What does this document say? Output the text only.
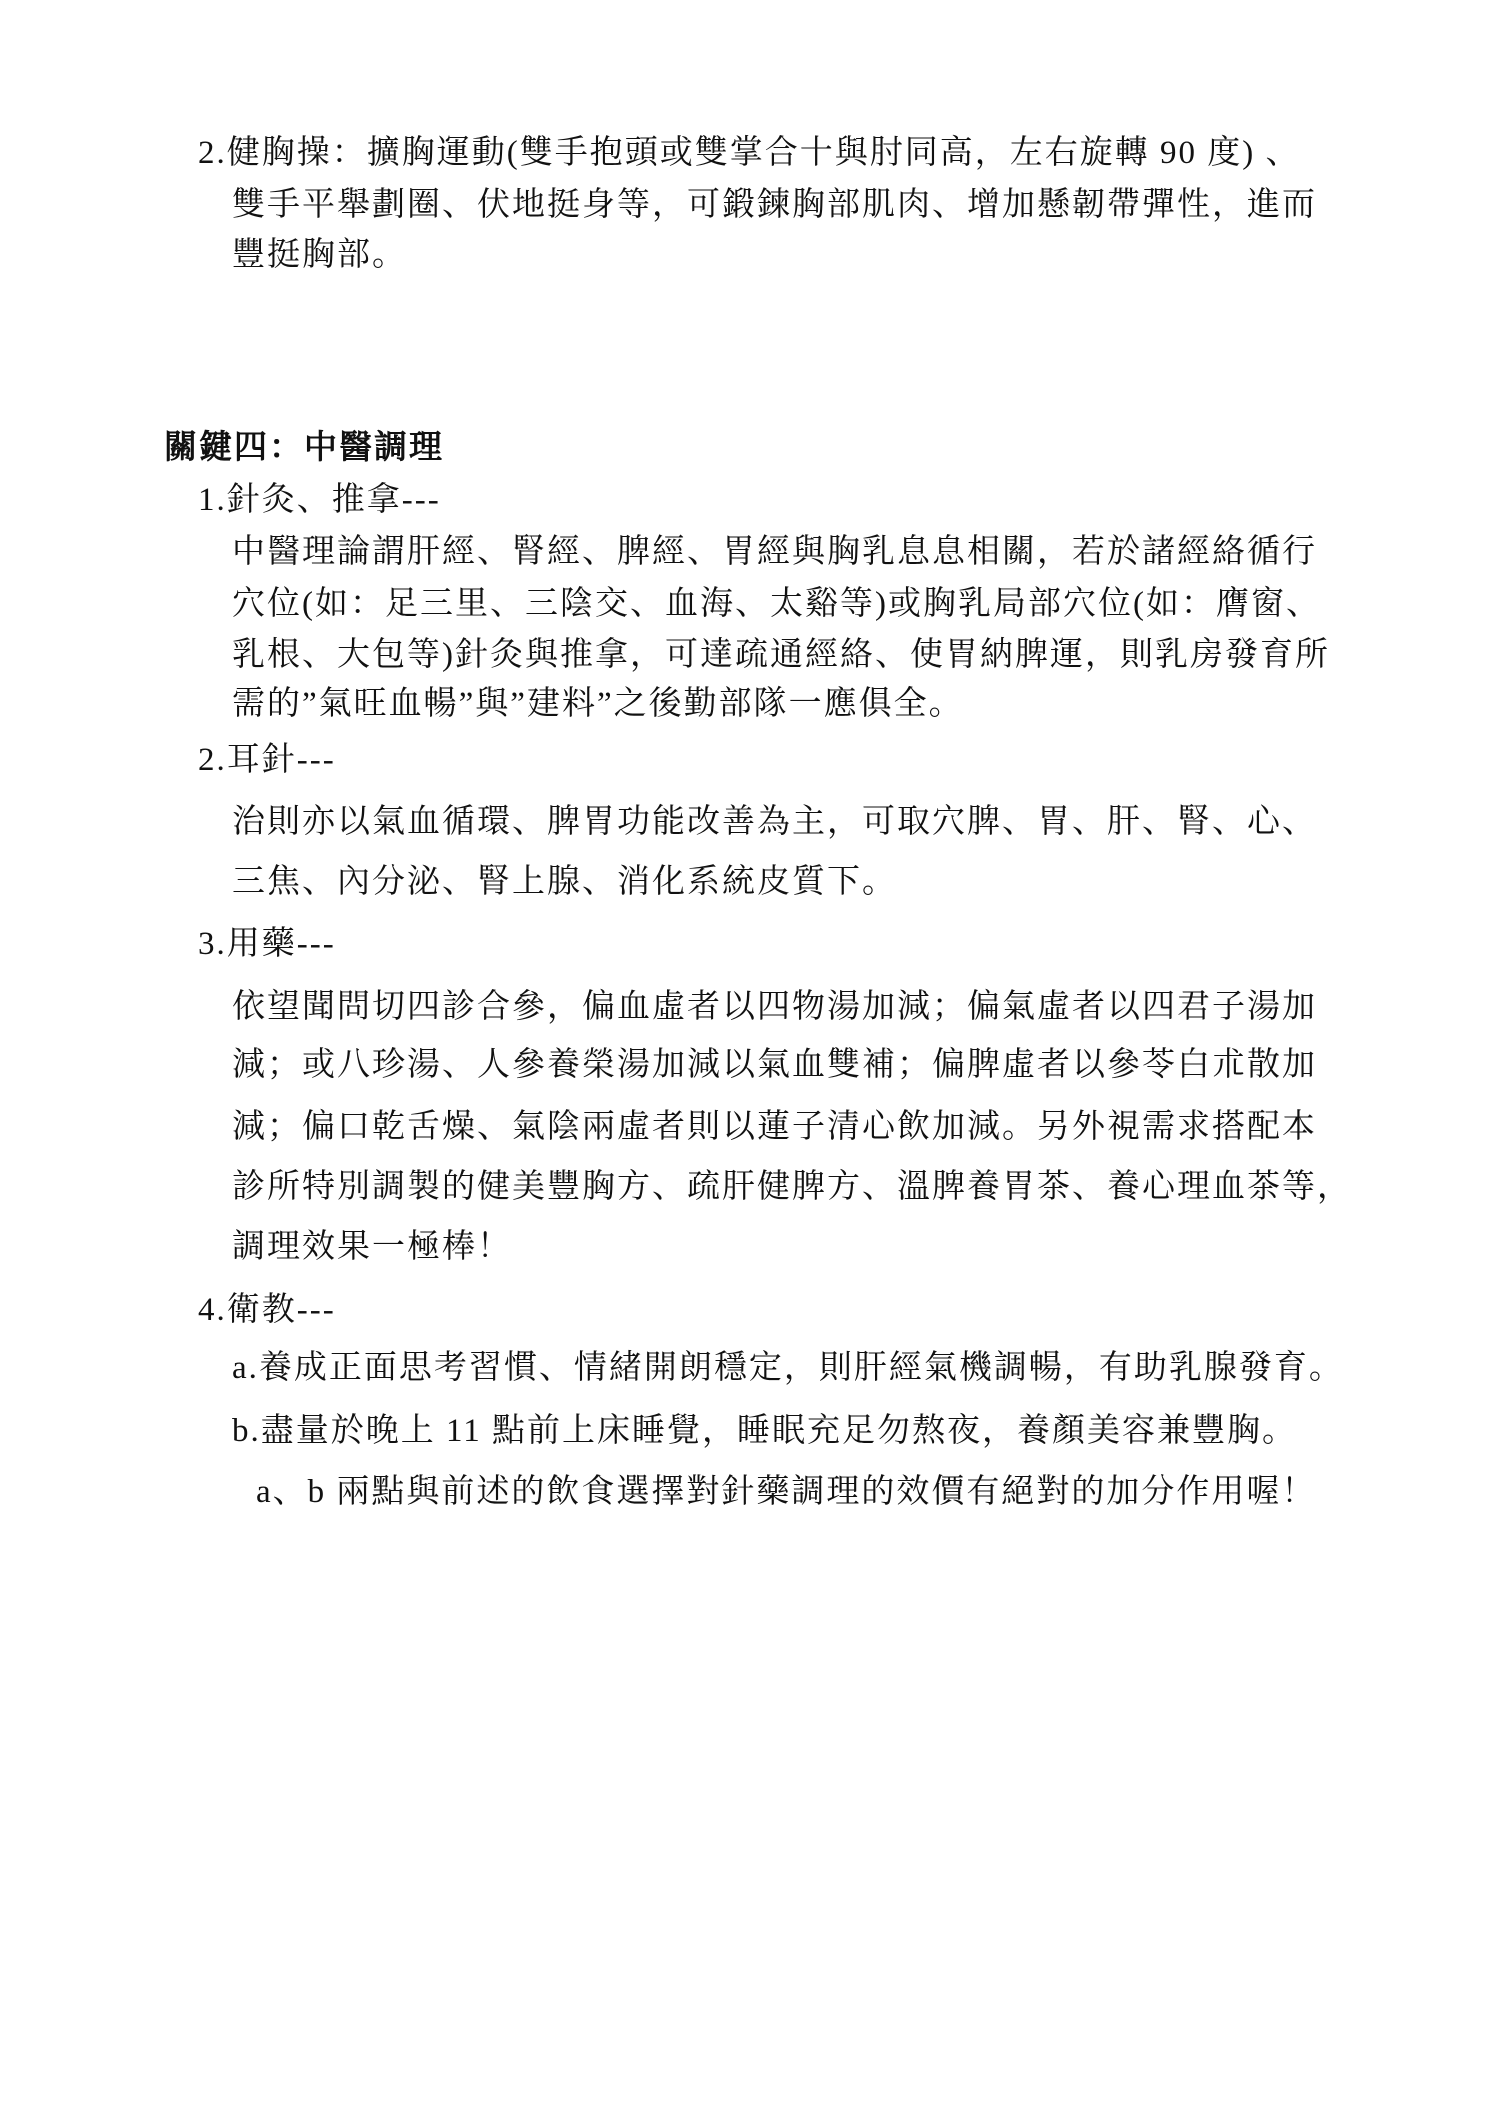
2.健胸操：擴胸運動(雙手抱頭或雙掌合十與肘同高，左右旋轉 90 度) 、
雙手平舉劃圈、伏地挺身等，可鍛鍊胸部肌肉、增加懸韌帶彈性，進而
豐挺胸部。
關鍵四：中醫調理
1.針灸、推拿---
中醫理論謂肝經、腎經、脾經、胃經與胸乳息息相關，若於諸經絡循行
穴位(如：足三里、三陰交、血海、太谿等)或胸乳局部穴位(如：膺窗、
乳根、大包等)針灸與推拿，可達疏通經絡、使胃納脾運，則乳房發育所
需的”氣旺血暢”與”建料”之後勤部隊一應俱全。
2.耳針---
治則亦以氣血循環、脾胃功能改善為主，可取穴脾、胃、肝、腎、心、
三焦、內分泌、腎上腺、消化系統皮質下。
3.用藥---
依望聞問切四診合參，偏血虛者以四物湯加減；偏氣虛者以四君子湯加
減；或八珍湯、人參養榮湯加減以氣血雙補；偏脾虛者以參苓白朮散加
減；偏口乾舌燥、氣陰兩虛者則以蓮子清心飲加減。另外視需求搭配本
診所特別調製的健美豐胸方、疏肝健脾方、溫脾養胃茶、養心理血茶等，
調理效果一極棒！
4.衛教---
a.養成正面思考習慣、情緒開朗穩定，則肝經氣機調暢，有助乳腺發育。
b.盡量於晚上 11 點前上床睡覺，睡眠充足勿熬夜，養顏美容兼豐胸。
a、b 兩點與前述的飲食選擇對針藥調理的效價有絕對的加分作用喔！
